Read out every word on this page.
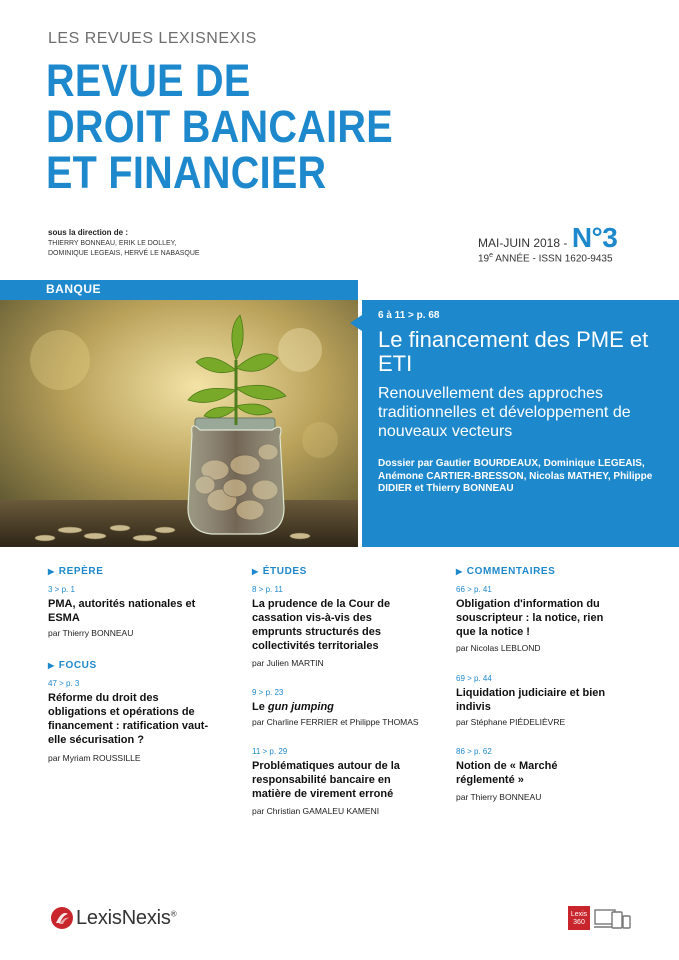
LES REVUES LEXISNEXIS
REVUE DE
DROIT BANCAIRE
ET FINANCIER
sous la direction de :
THIERRY BONNEAU, ERIK LE DOLLEY,
DOMINIQUE LEGEAIS, HERVÉ LE NABASQUE
MAI-JUIN 2018 - N°3
19e ANNÉE - ISSN 1620-9435
BANQUE
6 à 11 > p. 68
Le financement des PME et ETI
Renouvellement des approches traditionnelles et développement de nouveaux vecteurs
Dossier par Gautier BOURDEAUX, Dominique LEGEAIS, Anémone CARTIER-BRESSON, Nicolas MATHEY, Philippe DIDIER et Thierry BONNEAU
▶ REPÈRE
3 > p. 1
PMA, autorités nationales et ESMA
par Thierry BONNEAU
▶ FOCUS
47 > p. 3
Réforme du droit des obligations et opérations de financement : ratification vaut-elle sécurisation ?
par Myriam ROUSSILLE
▶ ÉTUDES
8 > p. 11
La prudence de la Cour de cassation vis-à-vis des emprunts structurés des collectivités territoriales
par Julien MARTIN
9 > p. 23
Le gun jumping
par Charline FERRIER et Philippe THOMAS
11 > p. 29
Problématiques autour de la responsabilité bancaire en matière de virement erroné
par Christian GAMALEU KAMENI
▶ COMMENTAIRES
66 > p. 41
Obligation d'information du souscripteur : la notice, rien que la notice !
par Nicolas LEBLOND
69 > p. 44
Liquidation judiciaire et bien indivis
par Stéphane PIÉDELIÈVRE
86 > p. 62
Notion de « Marché réglementé »
par Thierry BONNEAU
LexisNexis®	Lexis
360
